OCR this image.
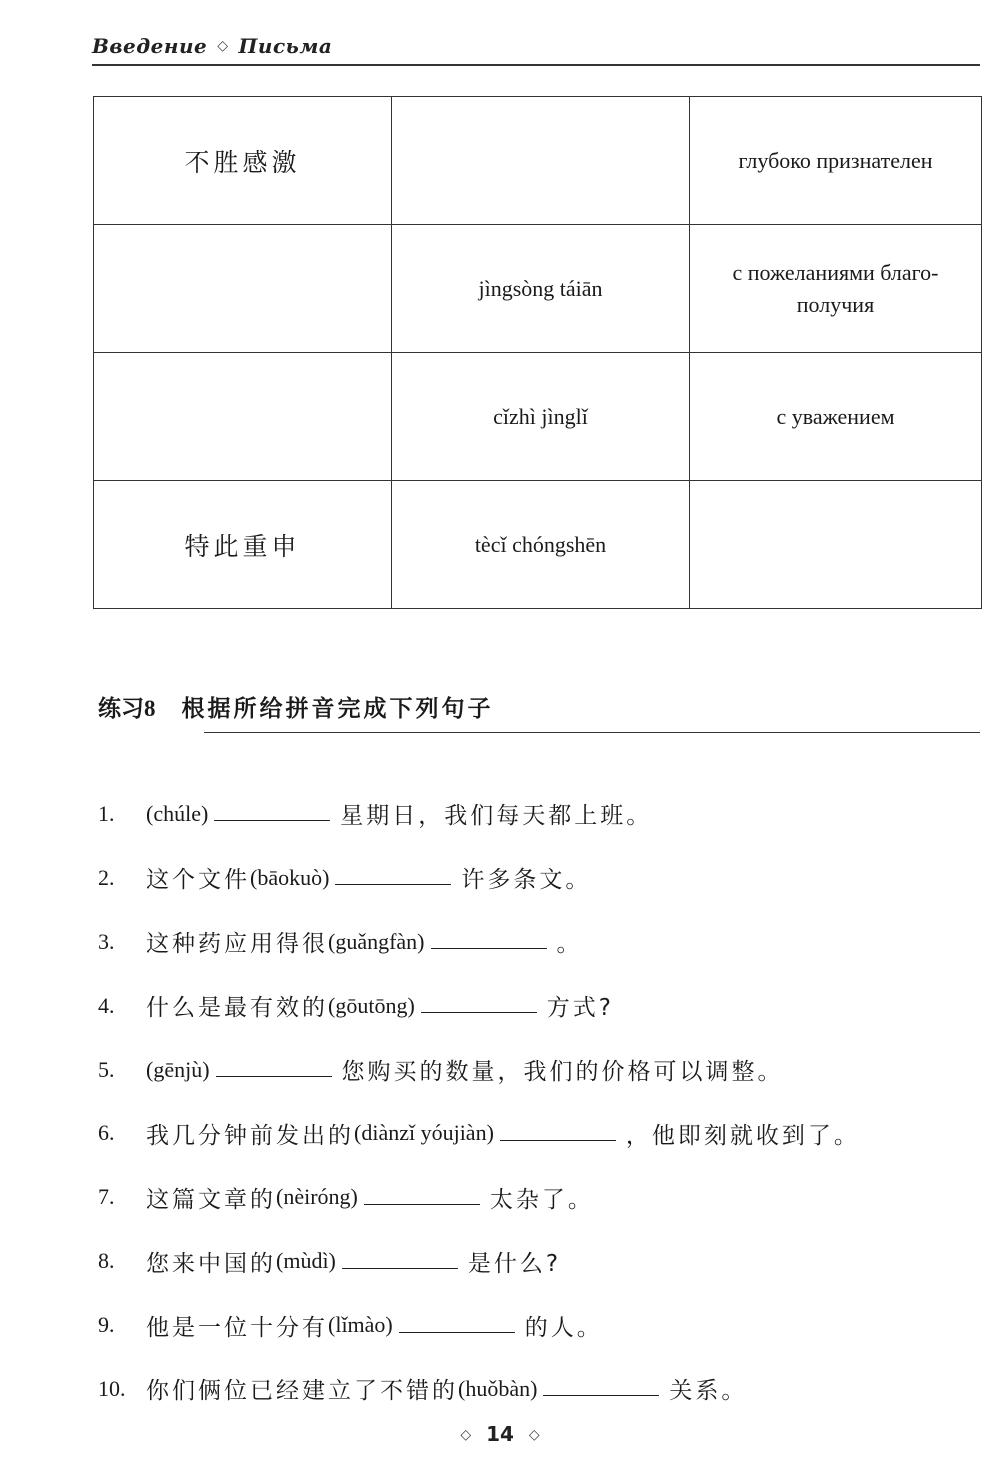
Введение ◇ Письма
不胜感激		глубоко признателен
	jìngsòng táiān	с пожеланиями благо-
получия
	cǐzhì jìnglǐ	с уважением
特此重申	tècǐ chóngshēn	
练习8 根据所给拼音完成下列句子
1.	(chúle)	星期日，我们每天都上班。
2.	这个文件 (bāokuò)	许多条文。
3.	这种药应用得很 (guǎngfàn)	。
4.	什么是最有效的 (gōutōng)	方式?
5.	(gēnjù)	您购买的数量，我们的价格可以调整。
6.	我几分钟前发出的 (diànzǐ yóujiàn)	，他即刻就收到了。
7.	这篇文章的 (nèiróng)	太杂了。
8.	您来中国的 (mùdì)	是什么?
9.	他是一位十分有 (lǐmào)	的人。
10. 你们俩位已经建立了不错的 (huǒbàn)	关系。
◇ 14 ◇
